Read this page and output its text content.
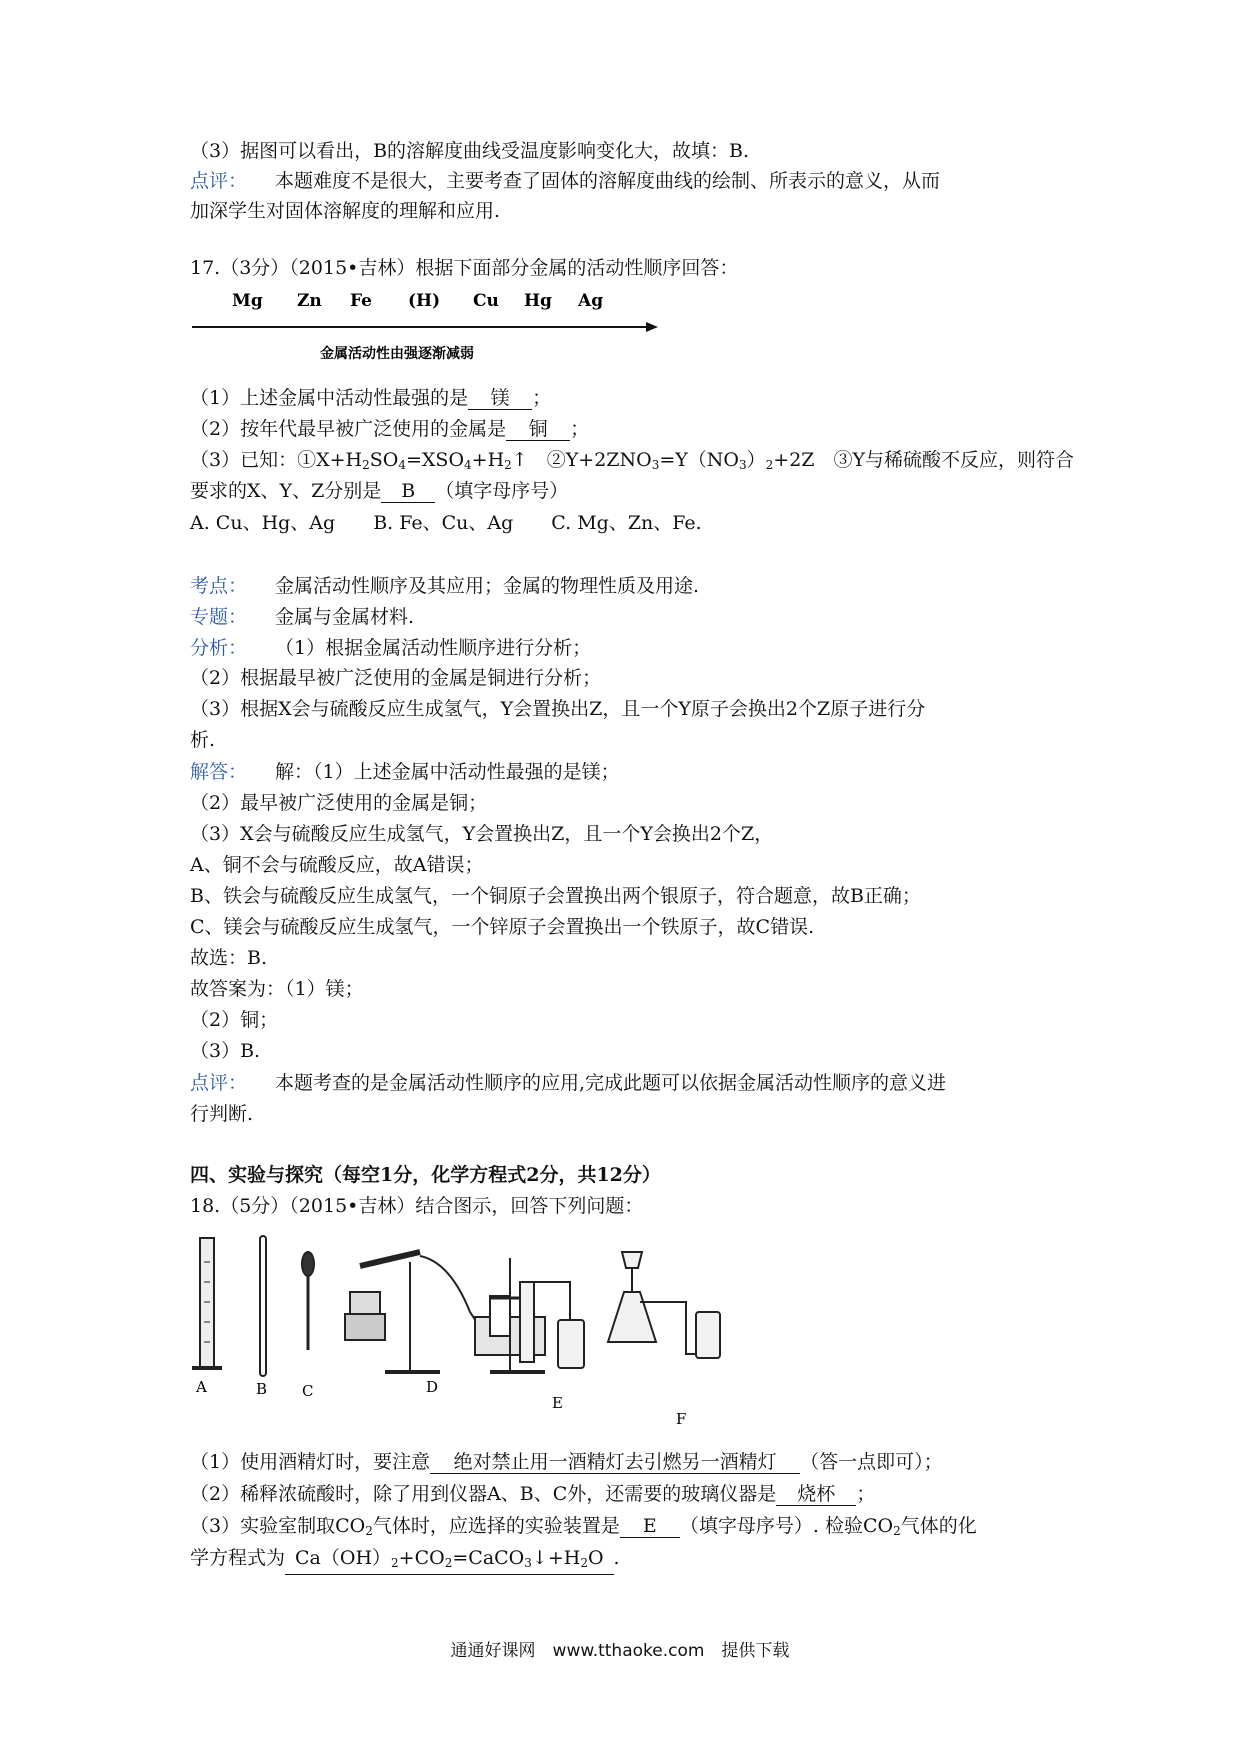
（3）据图可以看出，B的溶解度曲线受温度影响变化大，故填：B.
点评： 本题难度不是很大，主要考查了固体的溶解度曲线的绘制、所表示的意义，从而
加深学生对固体溶解度的理解和应用.
17.（3分）（2015•吉林）根据下面部分金属的活动性顺序回答：
Mg Zn Fe (H) Cu Hg Ag
金属活动性由强逐渐减弱
（1）上述金属中活动性最强的是 镁 ；
（2）按年代最早被广泛使用的金属是 铜 ；
（3）已知：$①X+H_2SO_4=XSO_4+H_2↑$　$②Y+2ZNO_3=Y(NO_3)_2+2Z$　③Y与稀硫酸不反应，则符合
要求的X、Y、Z分别是 B （填字母序号）
A. Cu、Hg、Ag　　B. Fe、Cu、Ag　　C. Mg、Zn、Fe.
考点： 金属活动性顺序及其应用；金属的物理性质及用途.
专题： 金属与金属材料.
分析： （1）根据金属活动性顺序进行分析；
（2）根据最早被广泛使用的金属是铜进行分析；
（3）根据X会与硫酸反应生成氢气，Y会置换出Z，且一个Y原子会换出2个Z原子进行分
析.
解答： 解：（1）上述金属中活动性最强的是镁；
（2）最早被广泛使用的金属是铜；
（3）X会与硫酸反应生成氢气，Y会置换出Z，且一个Y会换出2个Z，
A、铜不会与硫酸反应，故A错误；
B、铁会与硫酸反应生成氢气，一个铜原子会置换出两个银原子，符合题意，故B正确；
C、镁会与硫酸反应生成氢气，一个锌原子会置换出一个铁原子，故C错误.
故选：B.
故答案为：（1）镁；
（2）铜；
（3）B.
点评： 本题考查的是金属活动性顺序的应用,完成此题可以依据金属活动性顺序的意义进
行判断.
四、实验与探究（每空1分，化学方程式2分，共12分）
18.（5分）（2015•吉林）结合图示，回答下列问题：
A	B C	D
E
F
（1）使用酒精灯时，要注意 绝对禁止用一酒精灯去引燃另一酒精灯 （答一点即可）；
（2）稀释浓硫酸时，除了用到仪器A、B、C外，还需要的玻璃仪器是 烧杯 ；
（3）实验室制取$CO_2$气体时，应选择的实验装置是 E （填字母序号）. 检验$CO_2$气体的化
学方程式为 $Ca(OH)_2+CO_2=CaCO_3↓+H_2O$ .
通通好课网　www.tthaoke.com　提供下载
